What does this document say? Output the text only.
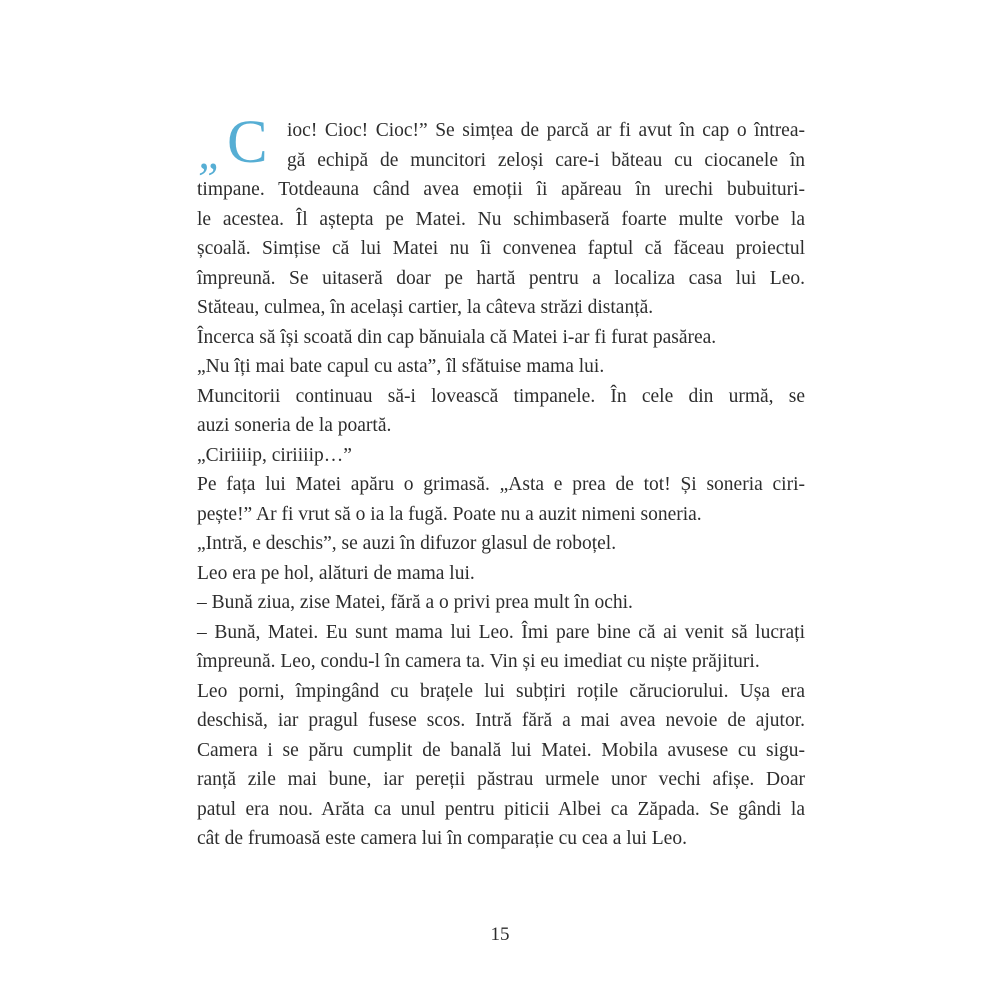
„ C ioc! Cioc! Cioc!” Se simțea de parcă ar fi avut în cap o întrea-
gă echipă de muncitori zeloși care-i băteau cu ciocanele în
timpane. Totdeauna când avea emoții îi apăreau în urechi bubuituri-
le acestea. Îl aștepta pe Matei. Nu schimbaseră foarte multe vorbe la
școală. Simțise că lui Matei nu îi convenea faptul că făceau proiectul
împreună. Se uitaseră doar pe hartă pentru a localiza casa lui Leo.
Stăteau, culmea, în același cartier, la câteva străzi distanță.
Încerca să își scoată din cap bănuiala că Matei i-ar fi furat pasărea.
„Nu îți mai bate capul cu asta”, îl sfătuise mama lui.
Muncitorii continuau să-i lovească timpanele. În cele din urmă, se
auzi soneria de la poartă.
„Ciriiiip, ciriiiip…”
Pe fața lui Matei apăru o grimasă. „Asta e prea de tot! Și soneria ciri-
pește!” Ar fi vrut să o ia la fugă. Poate nu a auzit nimeni soneria.
„Intră, e deschis”, se auzi în difuzor glasul de roboțel.
Leo era pe hol, alături de mama lui.
– Bună ziua, zise Matei, fără a o privi prea mult în ochi.
– Bună, Matei. Eu sunt mama lui Leo. Îmi pare bine că ai venit să lucrați
împreună. Leo, condu-l în camera ta. Vin și eu imediat cu niște prăjituri.
Leo porni, împingând cu brațele lui subțiri roțile căruciorului. Ușa era
deschisă, iar pragul fusese scos. Intră fără a mai avea nevoie de ajutor.
Camera i se păru cumplit de banală lui Matei. Mobila avusese cu sigu-
ranță zile mai bune, iar pereții păstrau urmele unor vechi afișe. Doar
patul era nou. Arăta ca unul pentru piticii Albei ca Zăpada. Se gândi la
cât de frumoasă este camera lui în comparație cu cea a lui Leo.
15
